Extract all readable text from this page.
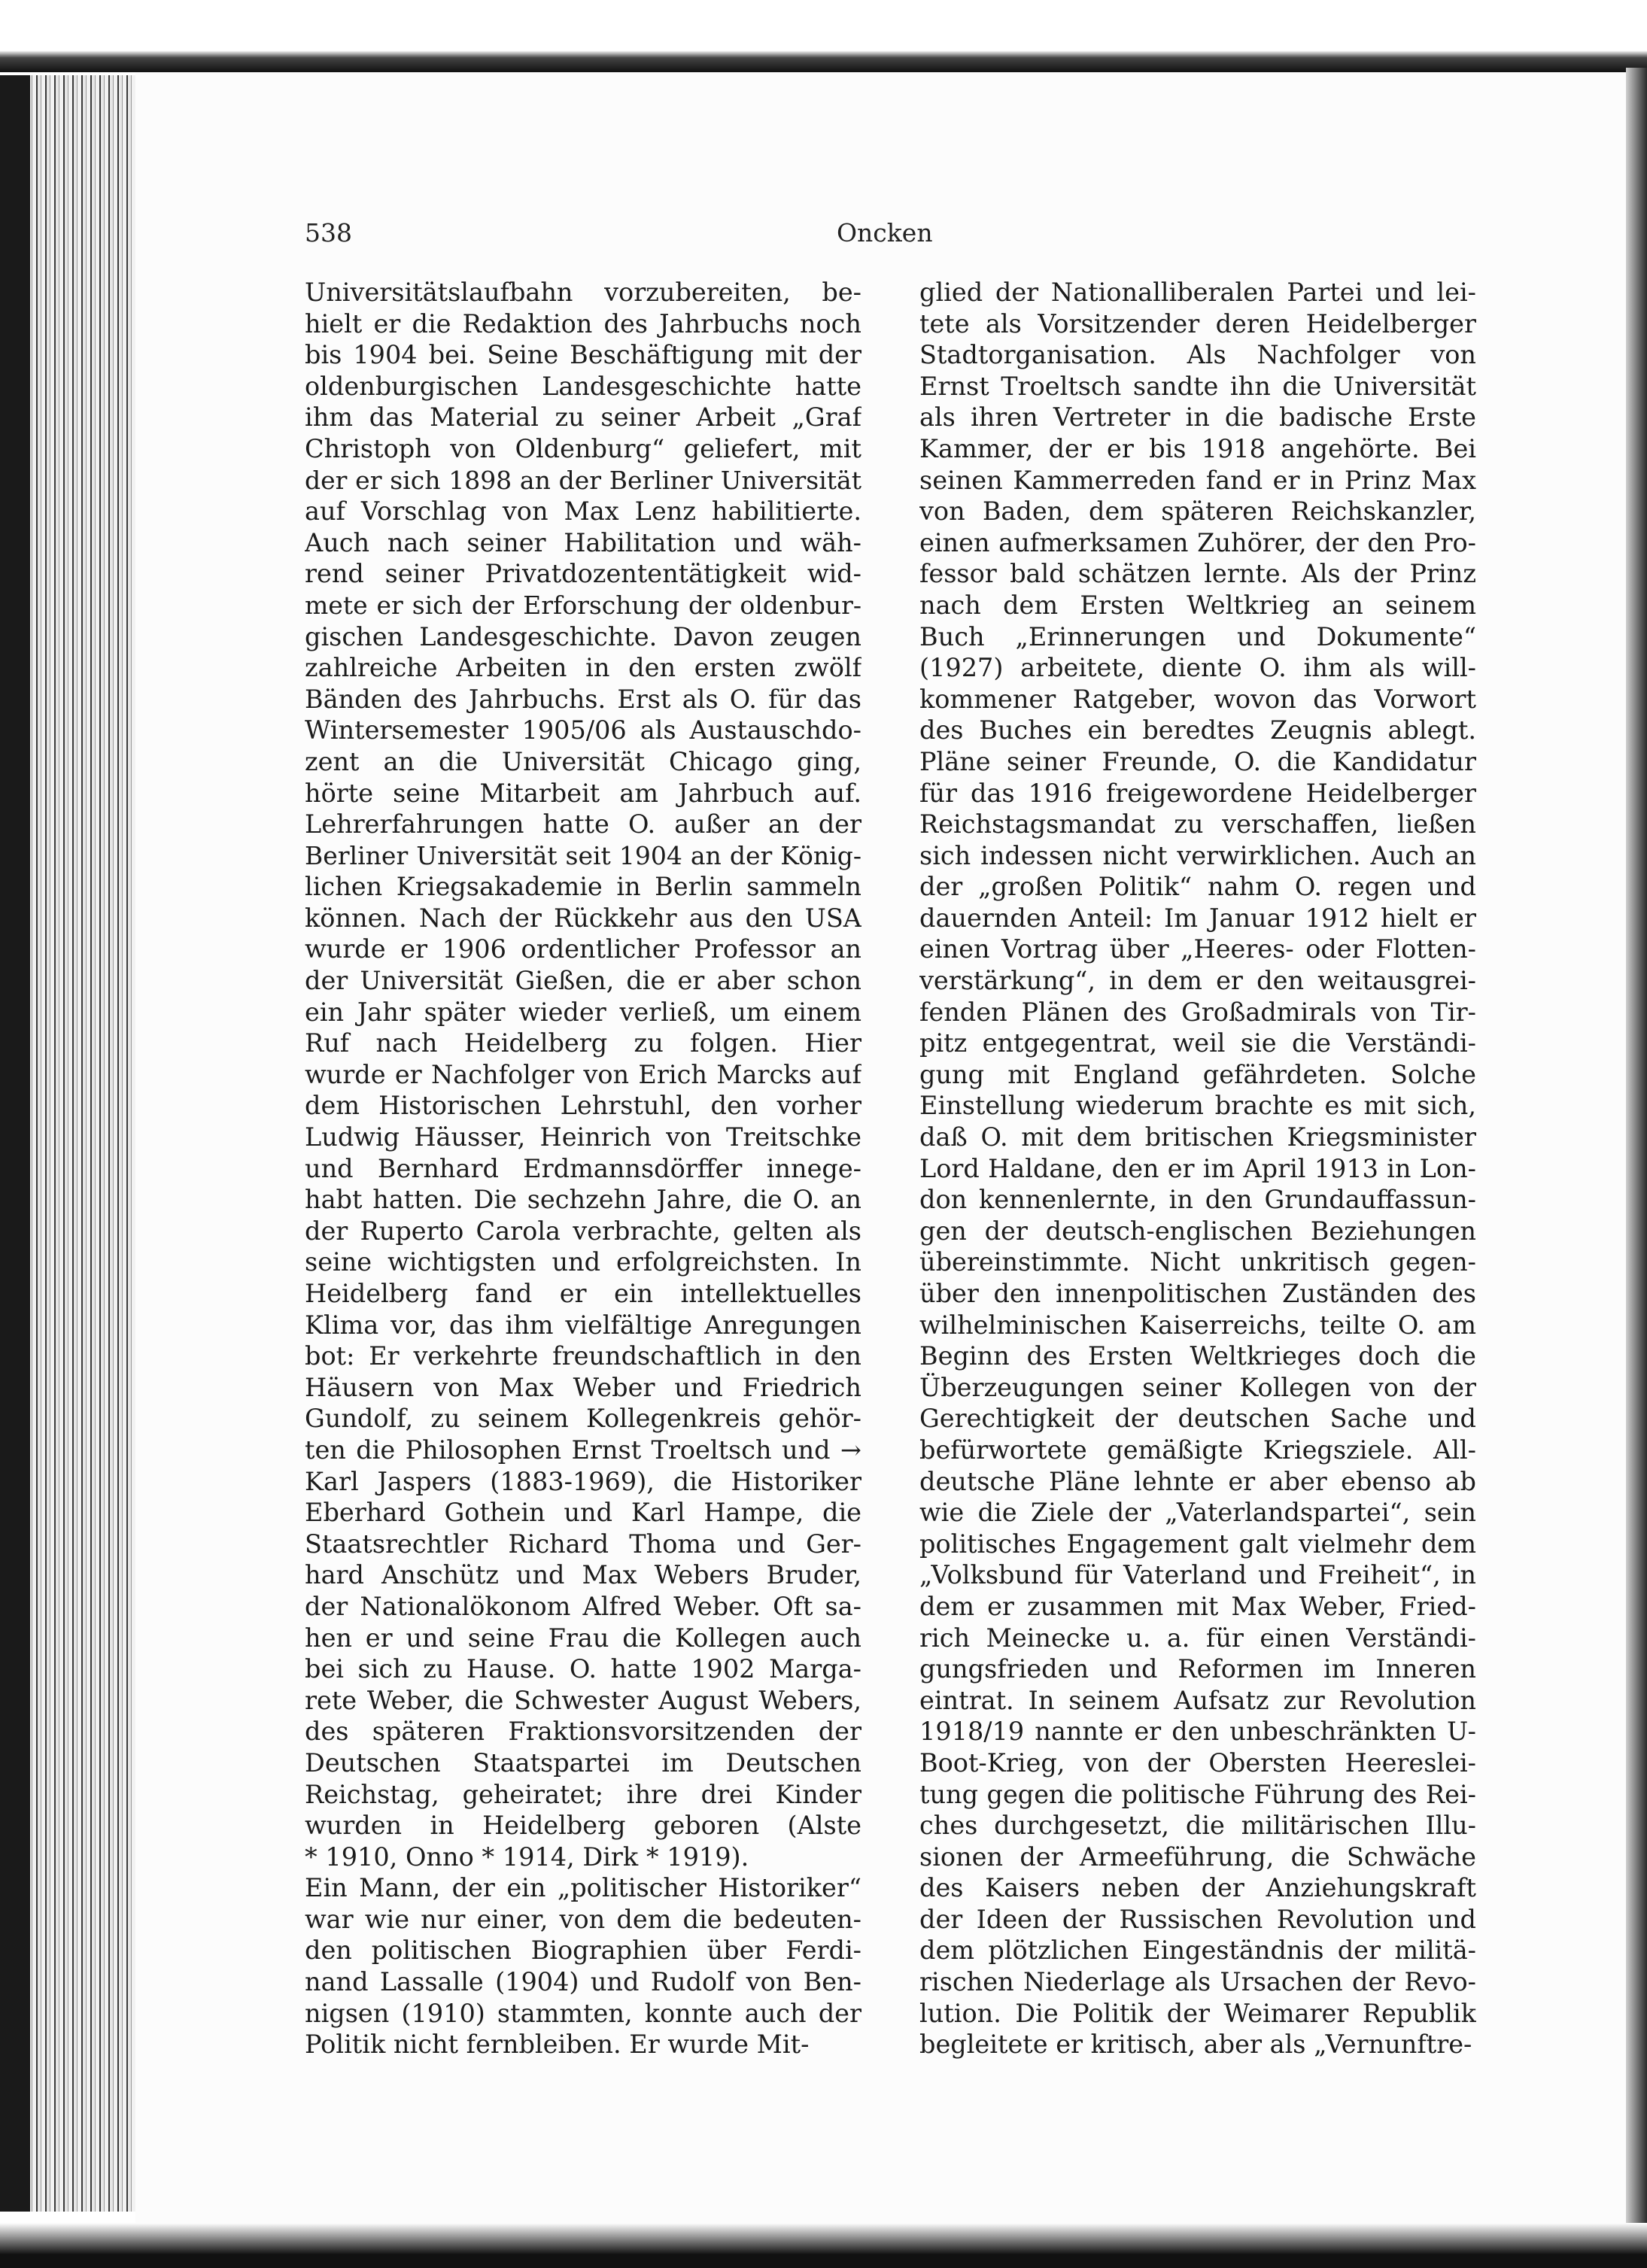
538	Oncken
Universitätslaufbahn vorzubereiten, be-
hielt er die Redaktion des Jahrbuchs noch
bis 1904 bei. Seine Beschäftigung mit der
oldenburgischen Landesgeschichte hatte
ihm das Material zu seiner Arbeit „Graf
Christoph von Oldenburg“ geliefert, mit
der er sich 1898 an der Berliner Universität
auf Vorschlag von Max Lenz habilitierte.
Auch nach seiner Habilitation und wäh-
rend seiner Privatdozententätigkeit wid-
mete er sich der Erforschung der oldenbur-
gischen Landesgeschichte. Davon zeugen
zahlreiche Arbeiten in den ersten zwölf
Bänden des Jahrbuchs. Erst als O. für das
Wintersemester 1905/06 als Austauschdo-
zent an die Universität Chicago ging,
hörte seine Mitarbeit am Jahrbuch auf.
Lehrerfahrungen hatte O. außer an der
Berliner Universität seit 1904 an der König-
lichen Kriegsakademie in Berlin sammeln
können. Nach der Rückkehr aus den USA
wurde er 1906 ordentlicher Professor an
der Universität Gießen, die er aber schon
ein Jahr später wieder verließ, um einem
Ruf nach Heidelberg zu folgen. Hier
wurde er Nachfolger von Erich Marcks auf
dem Historischen Lehrstuhl, den vorher
Ludwig Häusser, Heinrich von Treitschke
und Bernhard Erdmannsdörffer innege-
habt hatten. Die sechzehn Jahre, die O. an
der Ruperto Carola verbrachte, gelten als
seine wichtigsten und erfolgreichsten. In
Heidelberg fand er ein intellektuelles
Klima vor, das ihm vielfältige Anregungen
bot: Er verkehrte freundschaftlich in den
Häusern von Max Weber und Friedrich
Gundolf, zu seinem Kollegenkreis gehör-
ten die Philosophen Ernst Troeltsch und →
Karl Jaspers (1883-1969), die Historiker
Eberhard Gothein und Karl Hampe, die
Staatsrechtler Richard Thoma und Ger-
hard Anschütz und Max Webers Bruder,
der Nationalökonom Alfred Weber. Oft sa-
hen er und seine Frau die Kollegen auch
bei sich zu Hause. O. hatte 1902 Marga-
rete Weber, die Schwester August Webers,
des späteren Fraktionsvorsitzenden der
Deutschen Staatspartei im Deutschen
Reichstag, geheiratet; ihre drei Kinder
wurden in Heidelberg geboren (Alste
* 1910, Onno * 1914, Dirk * 1919).
Ein Mann, der ein „politischer Historiker“
war wie nur einer, von dem die bedeuten-
den politischen Biographien über Ferdi-
nand Lassalle (1904) und Rudolf von Ben-
nigsen (1910) stammten, konnte auch der
Politik nicht fernbleiben. Er wurde Mit-
glied der Nationalliberalen Partei und lei-
tete als Vorsitzender deren Heidelberger
Stadtorganisation. Als Nachfolger von
Ernst Troeltsch sandte ihn die Universität
als ihren Vertreter in die badische Erste
Kammer, der er bis 1918 angehörte. Bei
seinen Kammerreden fand er in Prinz Max
von Baden, dem späteren Reichskanzler,
einen aufmerksamen Zuhörer, der den Pro-
fessor bald schätzen lernte. Als der Prinz
nach dem Ersten Weltkrieg an seinem
Buch „Erinnerungen und Dokumente“
(1927) arbeitete, diente O. ihm als will-
kommener Ratgeber, wovon das Vorwort
des Buches ein beredtes Zeugnis ablegt.
Pläne seiner Freunde, O. die Kandidatur
für das 1916 freigewordene Heidelberger
Reichstagsmandat zu verschaffen, ließen
sich indessen nicht verwirklichen. Auch an
der „großen Politik“ nahm O. regen und
dauernden Anteil: Im Januar 1912 hielt er
einen Vortrag über „Heeres- oder Flotten-
verstärkung“, in dem er den weitausgrei-
fenden Plänen des Großadmirals von Tir-
pitz entgegentrat, weil sie die Verständi-
gung mit England gefährdeten. Solche
Einstellung wiederum brachte es mit sich,
daß O. mit dem britischen Kriegsminister
Lord Haldane, den er im April 1913 in Lon-
don kennenlernte, in den Grundauffassun-
gen der deutsch-englischen Beziehungen
übereinstimmte. Nicht unkritisch gegen-
über den innenpolitischen Zuständen des
wilhelminischen Kaiserreichs, teilte O. am
Beginn des Ersten Weltkrieges doch die
Überzeugungen seiner Kollegen von der
Gerechtigkeit der deutschen Sache und
befürwortete gemäßigte Kriegsziele. All-
deutsche Pläne lehnte er aber ebenso ab
wie die Ziele der „Vaterlandspartei“, sein
politisches Engagement galt vielmehr dem
„Volksbund für Vaterland und Freiheit“, in
dem er zusammen mit Max Weber, Fried-
rich Meinecke u. a. für einen Verständi-
gungsfrieden und Reformen im Inneren
eintrat. In seinem Aufsatz zur Revolution
1918/19 nannte er den unbeschränkten U-
Boot-Krieg, von der Obersten Heereslei-
tung gegen die politische Führung des Rei-
ches durchgesetzt, die militärischen Illu-
sionen der Armeeführung, die Schwäche
des Kaisers neben der Anziehungskraft
der Ideen der Russischen Revolution und
dem plötzlichen Eingeständnis der militä-
rischen Niederlage als Ursachen der Revo-
lution. Die Politik der Weimarer Republik
begleitete er kritisch, aber als „Vernunftre-
